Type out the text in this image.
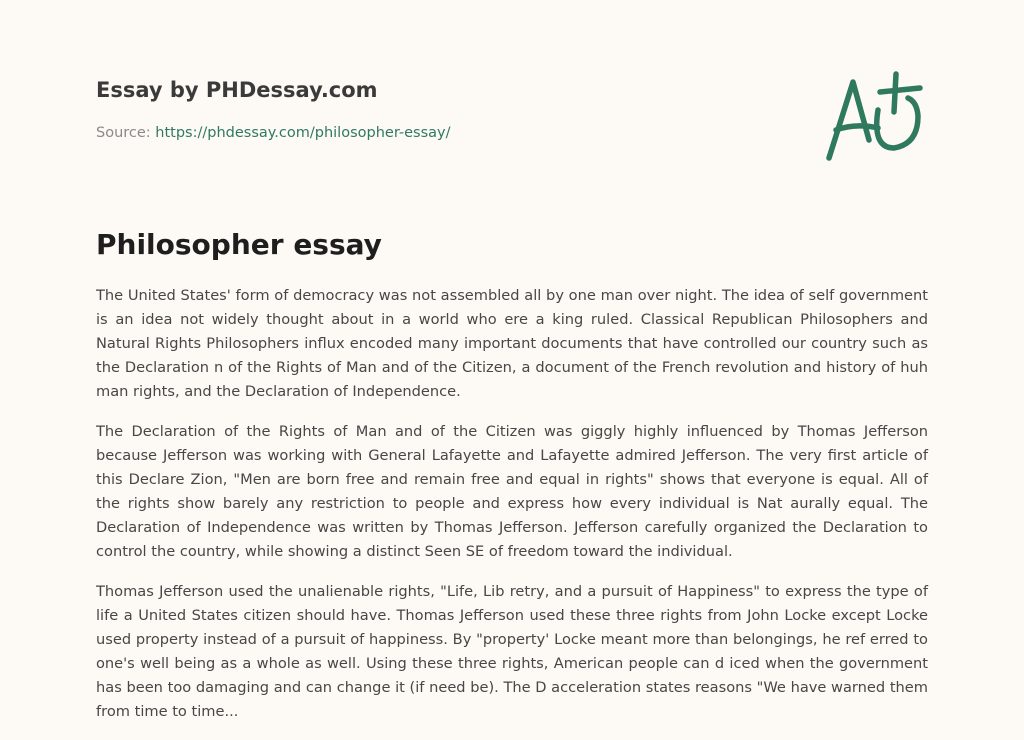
Essay by PHDessay.com
Source: https://phdessay.com/philosopher-essay/
Philosopher essay

The United States' form of democracy was not assembled all by one man over night. The idea of self government is an idea not widely thought about in a world who ere a king ruled. Classical Republican Philosophers and Natural Rights Philosophers influx encoded many important documents that have controlled our country such as the Declaration n of the Rights of Man and of the Citizen, a document of the French revolution and history of huh man rights, and the Declaration of Independence.

The Declaration of the Rights of Man and of the Citizen was giggly highly influenced by Thomas Jefferson because Jefferson was working with General Lafayette and Lafayette admired Jefferson. The very first article of this Declare Zion, "Men are born free and remain free and equal in rights" shows that everyone is equal. All of the rights show barely any restriction to people and express how every individual is Nat aurally equal. The Declaration of Independence was written by Thomas Jefferson. Jefferson carefully organized the Declaration to control the country, while showing a distinct Seen SE of freedom toward the individual.

Thomas Jefferson used the unalienable rights, "Life, Lib retry, and a pursuit of Happiness" to express the type of life a United States citizen should have. Thomas Jefferson used these three rights from John Locke except Locke used property instead of a pursuit of happiness. By "property' Locke meant more than belongings, he ref erred to one's well being as a whole as well. Using these three rights, American people can d iced when the government has been too damaging and can change it (if need be). The D acceleration states reasons "We have warned them from time to time...
